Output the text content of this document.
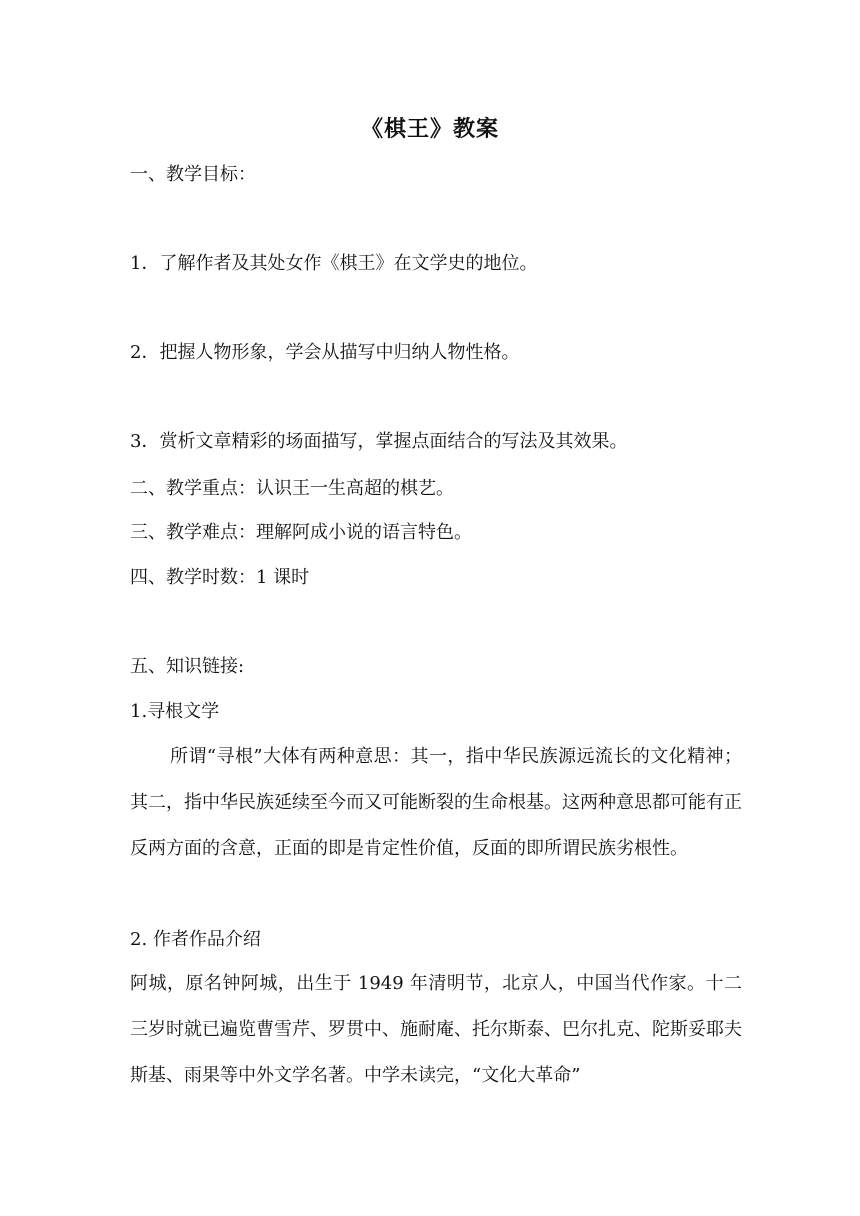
《棋王》教案
一、教学目标：
1．了解作者及其处女作《棋王》在文学史的地位。
2．把握人物形象，学会从描写中归纳人物性格。
3．赏析文章精彩的场面描写，掌握点面结合的写法及其效果。
二、教学重点：认识王一生高超的棋艺。
三、教学难点：理解阿成小说的语言特色。
四、教学时数：1 课时
五、知识链接:
1.寻根文学
所谓“寻根”大体有两种意思：其一，指中华民族源远流长的文化精神；其二，指中华民族延续至今而又可能断裂的生命根基。这两种意思都可能有正反两方面的含意，正面的即是肯定性价值，反面的即所谓民族劣根性。
2. 作者作品介绍
阿城，原名钟阿城，出生于 1949 年清明节，北京人，中国当代作家。十二三岁时就已遍览曹雪芹、罗贯中、施耐庵、托尔斯泰、巴尔扎克、陀斯妥耶夫斯基、雨果等中外文学名著。中学未读完，“文化大革命”
